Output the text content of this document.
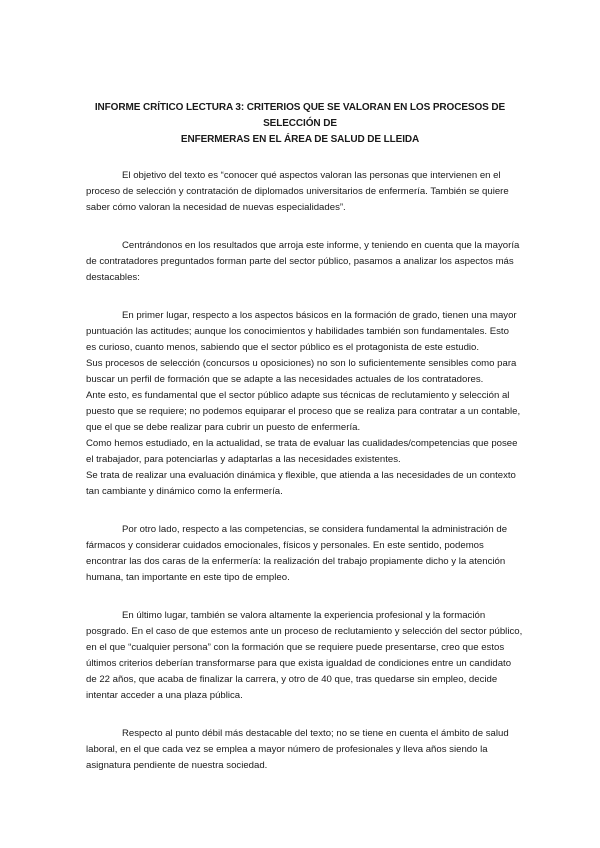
INFORME CRÍTICO LECTURA 3: CRITERIOS QUE SE VALORAN EN LOS PROCESOS DE SELECCIÓN DE
ENFERMERAS EN EL ÁREA DE SALUD DE LLEIDA
El objetivo del texto es “conocer qué aspectos valoran las personas que intervienen en el
proceso de selección y contratación de diplomados universitarios de enfermería. También se quiere
saber cómo valoran la necesidad de nuevas especialidades”.
Centrándonos en los resultados que arroja este informe, y teniendo en cuenta que la mayoría
de contratadores preguntados forman parte del sector público, pasamos a analizar los aspectos más
destacables:
En primer lugar, respecto a los aspectos básicos en la formación de grado, tienen una mayor
puntuación las actitudes; aunque los conocimientos y habilidades también son fundamentales. Esto
es curioso, cuanto menos, sabiendo que el sector público es el protagonista de este estudio.
Sus procesos de selección (concursos u oposiciones) no son lo suficientemente sensibles como para
buscar un perfil de formación que se adapte a las necesidades actuales de los contratadores.
Ante esto, es fundamental que el sector público adapte sus técnicas de reclutamiento y selección al
puesto que se requiere; no podemos equiparar el proceso que se realiza para contratar a un contable,
que el que se debe realizar para cubrir un puesto de enfermería.
Como hemos estudiado, en la actualidad, se trata de evaluar las cualidades/competencias que posee
el trabajador, para potenciarlas y adaptarlas a las necesidades existentes.
Se trata de realizar una evaluación dinámica y flexible, que atienda a las necesidades de un contexto
tan cambiante y dinámico como la enfermería.
Por otro lado, respecto a las competencias, se considera fundamental la administración de
fármacos y considerar cuidados emocionales, físicos y personales. En este sentido, podemos
encontrar las dos caras de la enfermería: la realización del trabajo propiamente dicho y la atención
humana, tan importante en este tipo de empleo.
En último lugar, también se valora altamente la experiencia profesional y la formación
posgrado. En el caso de que estemos ante un proceso de reclutamiento y selección del sector público,
en el que “cualquier persona” con la formación que se requiere puede presentarse, creo que estos
últimos criterios deberían transformarse para que exista igualdad de condiciones entre un candidato
de 22 años, que acaba de finalizar la carrera, y otro de 40 que, tras quedarse sin empleo, decide
intentar acceder a una plaza pública.
Respecto al punto débil más destacable del texto; no se tiene en cuenta el ámbito de salud
laboral, en el que cada vez se emplea a mayor número de profesionales y lleva años siendo la
asignatura pendiente de nuestra sociedad.
